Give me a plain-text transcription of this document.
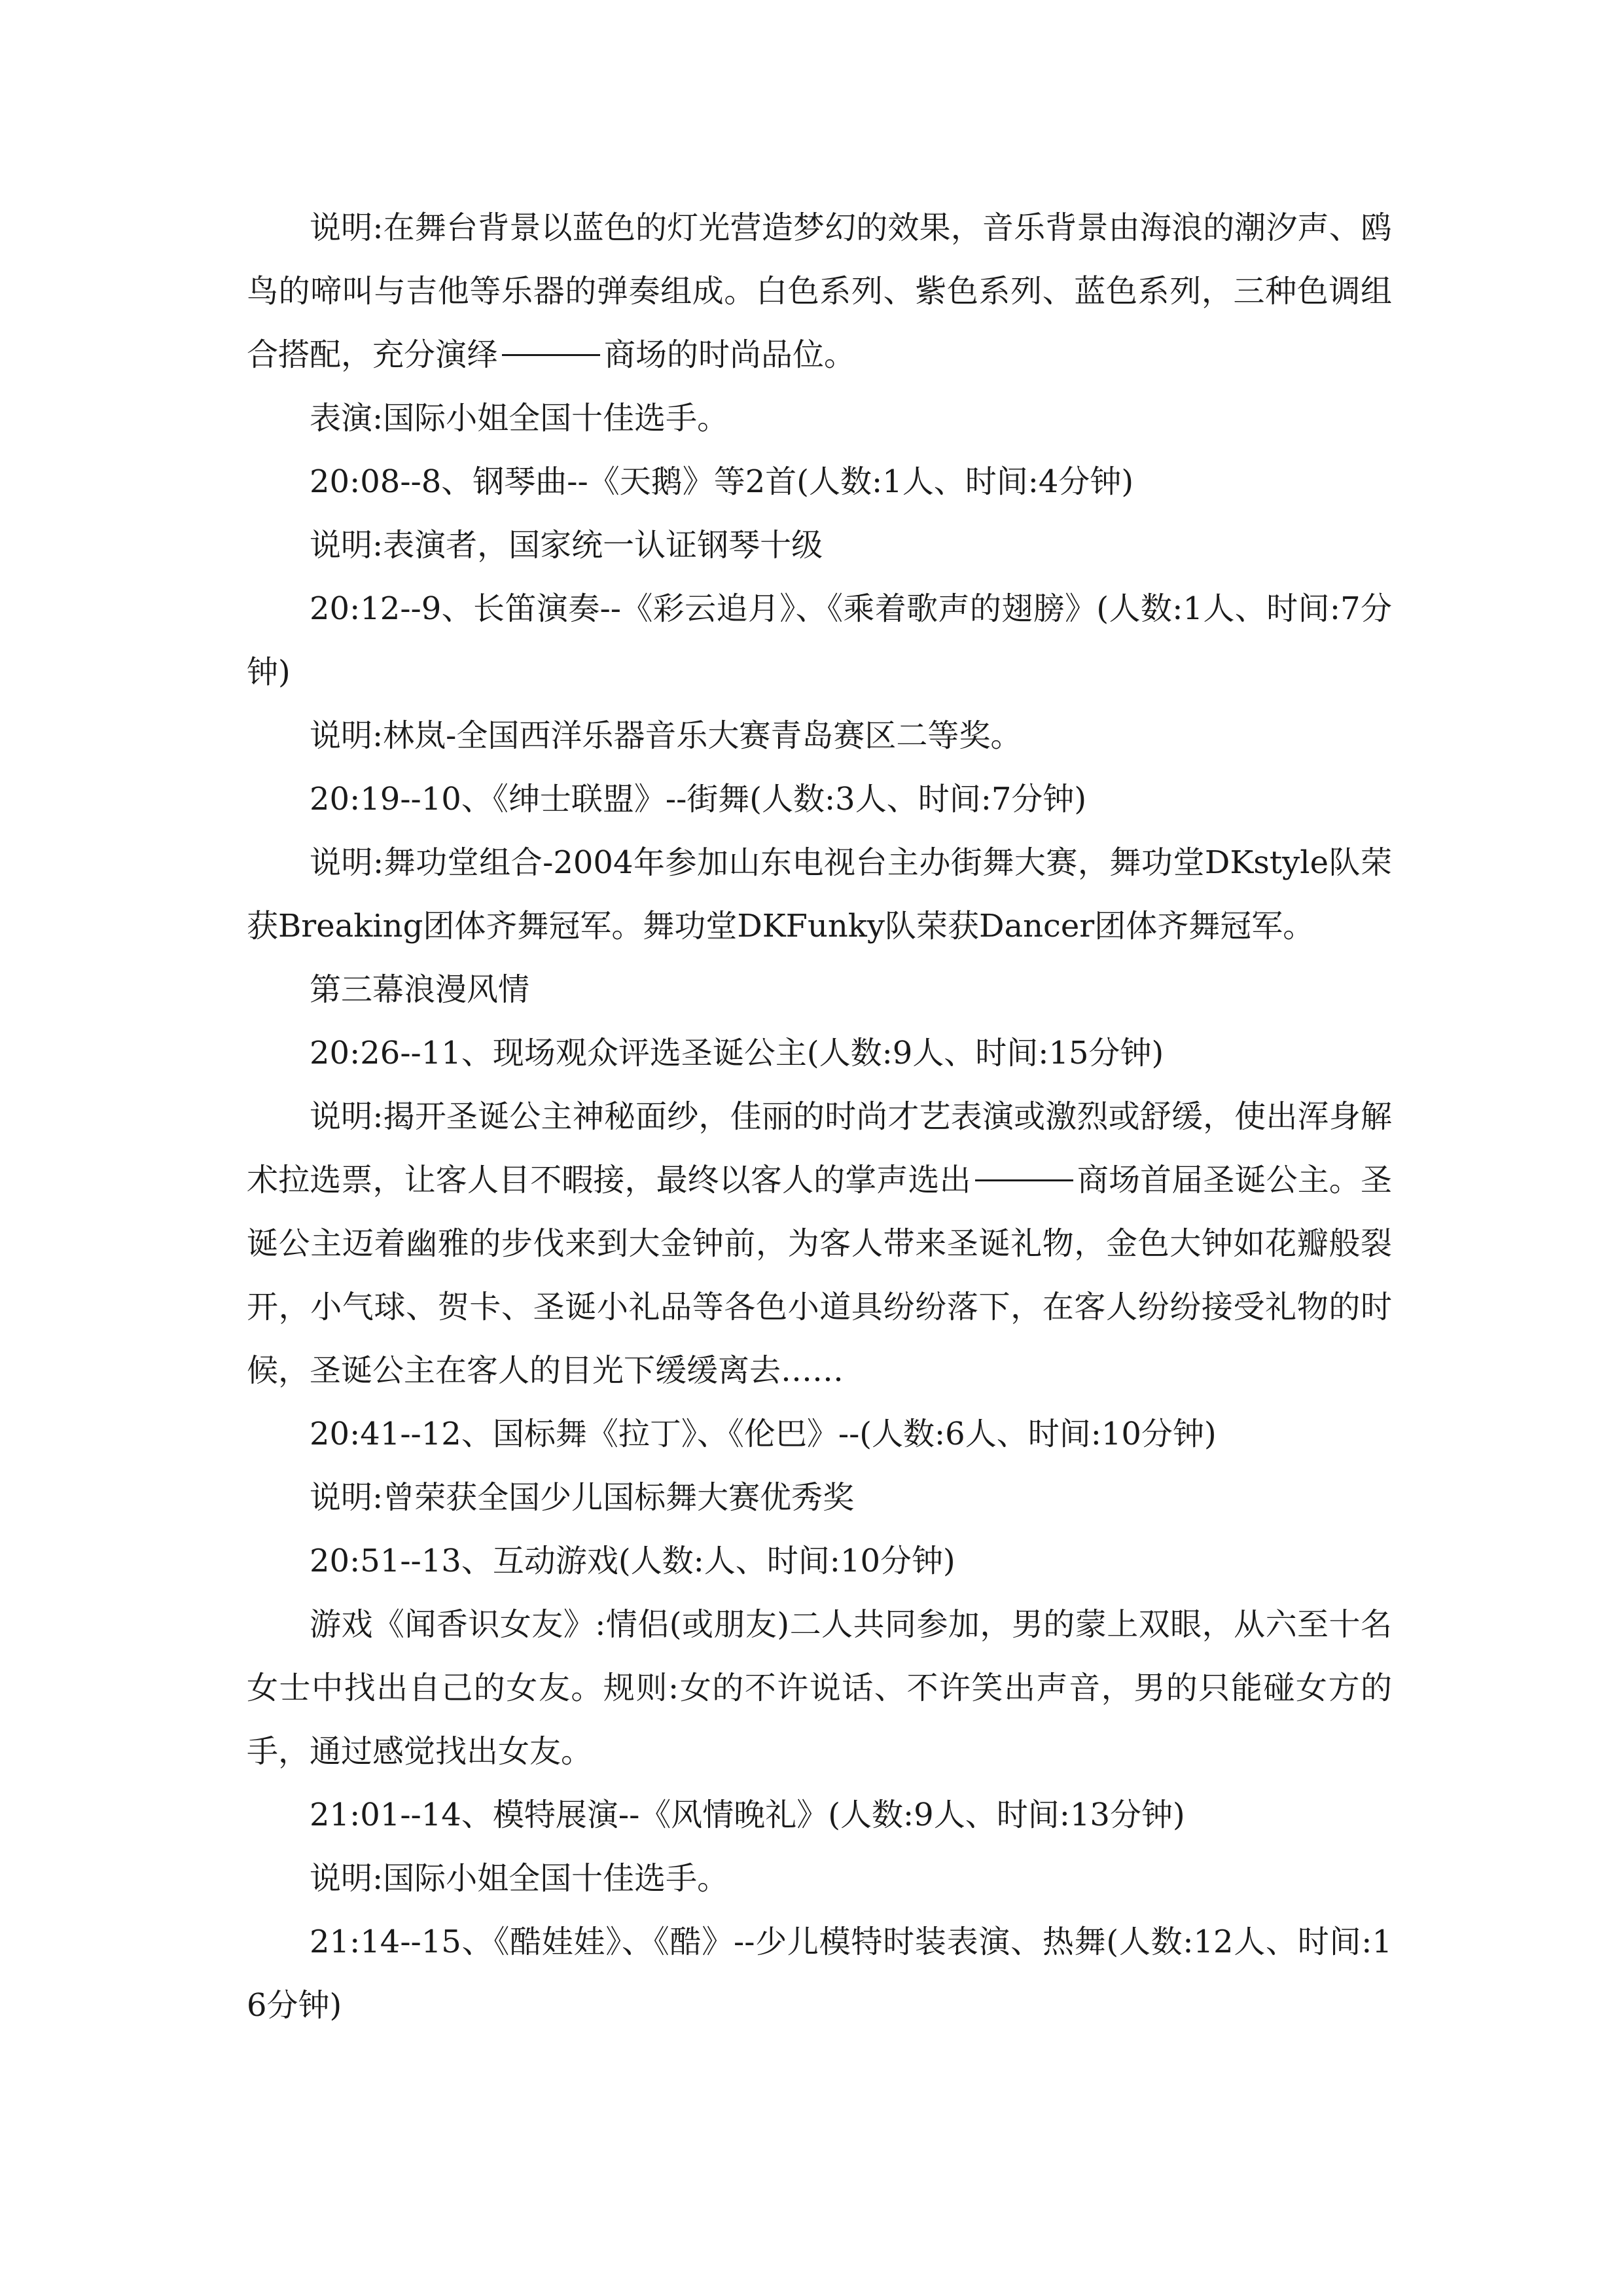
说明:在舞台背景以蓝色的灯光营造梦幻的效果，音乐背景由海浪的潮汐声、鸥鸟的啼叫与吉他等乐器的弹奏组成。白色系列、紫色系列、蓝色系列，三种色调组合搭配，充分演绎	商场的时尚品位。

表演:国际小姐全国十佳选手。

20:08--8、钢琴曲--《天鹅》等2首(人数:1人、时间:4分钟)

说明:表演者，国家统一认证钢琴十级

20:12--9、长笛演奏--《彩云追月》、《乘着歌声的翅膀》(人数:1人、时间:7分钟)

说明:林岚-全国西洋乐器音乐大赛青岛赛区二等奖。

20:19--10、《绅士联盟》--街舞(人数:3人、时间:7分钟)

说明:舞功堂组合-2004年参加山东电视台主办街舞大赛，舞功堂DKstyle队荣获Breaking团体齐舞冠军。舞功堂DKFunky队荣获Dancer团体齐舞冠军。

第三幕浪漫风情

20:26--11、现场观众评选圣诞公主(人数:9人、时间:15分钟)

说明:揭开圣诞公主神秘面纱，佳丽的时尚才艺表演或激烈或舒缓，使出浑身解术拉选票，让客人目不暇接，最终以客人的掌声选出	商场首届圣诞公主。圣诞公主迈着幽雅的步伐来到大金钟前，为客人带来圣诞礼物，金色大钟如花瓣般裂开，小气球、贺卡、圣诞小礼品等各色小道具纷纷落下，在客人纷纷接受礼物的时候，圣诞公主在客人的目光下缓缓离去……

20:41--12、国标舞《拉丁》、《伦巴》--(人数:6人、时间:10分钟)

说明:曾荣获全国少儿国标舞大赛优秀奖

20:51--13、互动游戏(人数:人、时间:10分钟)

游戏《闻香识女友》:情侣(或朋友)二人共同参加，男的蒙上双眼，从六至十名女士中找出自己的女友。规则:女的不许说话、不许笑出声音，男的只能碰女方的手，通过感觉找出女友。

21:01--14、模特展演--《风情晚礼》(人数:9人、时间:13分钟)

说明:国际小姐全国十佳选手。

21:14--15、《酷娃娃》、《酷》--少儿模特时装表演、热舞(人数:12人、时间:16分钟)
